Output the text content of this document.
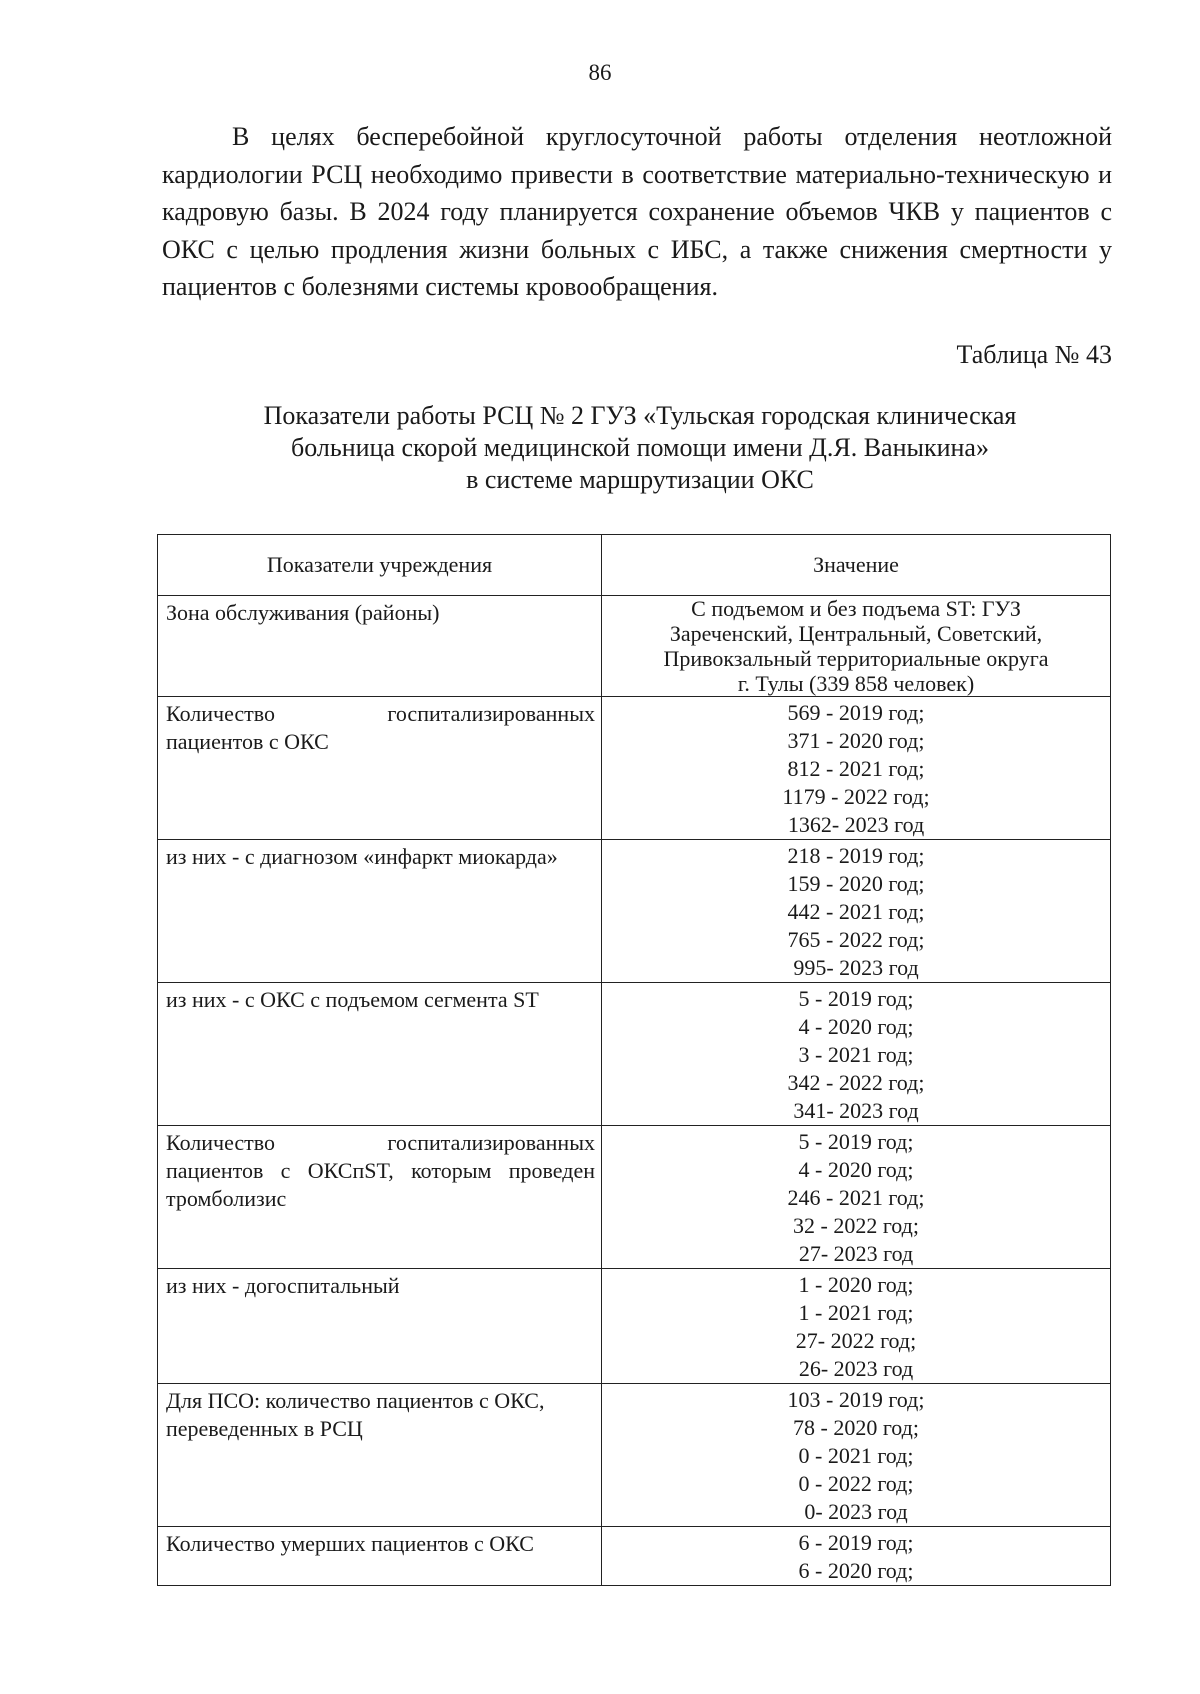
86

В целях бесперебойной круглосуточной работы отделения неотложной кардиологии РСЦ необходимо привести в соответствие материально-техническую и кадровую базы. В 2024 году планируется сохранение объемов ЧКВ у пациентов с ОКС с целью продления жизни больных с ИБС, а также снижения смертности у пациентов с болезнями системы кровообращения.

Таблица № 43
Показатели работы РСЦ № 2 ГУЗ «Тульская городская клиническая
больница скорой медицинской помощи имени Д.Я. Ваныкина»
в системе маршрутизации ОКС
Показатели учреждения	Значение
Зона обслуживания (районы)	С подъемом и без подъема ST: ГУЗ
Зареченский, Центральный, Советский,
Привокзальный территориальные округа
г. Тулы (339 858 человек)

Количество госпитализированных
пациентов с ОКС	569 - 2019 год;
371 - 2020 год;
812 - 2021 год;
1179 - 2022 год;
1362- 2023 год

из них - с диагнозом «инфаркт миокарда»	218 - 2019 год;
159 - 2020 год;
442 - 2021 год;
765 - 2022 год;
995- 2023 год

из них - с ОКС с подъемом сегмента ST	5 - 2019 год;
4 - 2020 год;
3 - 2021 год;
342 - 2022 год;
341- 2023 год

Количество госпитализированных
пациентов с ОКСпST, которым проведен
тромболизис	5 - 2019 год;
4 - 2020 год;
246 - 2021 год;
32 - 2022 год;
27- 2023 год

из них - догоспитальный	1 - 2020 год;
1 - 2021 год;
27- 2022 год;
26- 2023 год

Для ПСО: количество пациентов с ОКС,
переведенных в РСЦ	103 - 2019 год;
78 - 2020 год;
0 - 2021 год;
0 - 2022 год;
0- 2023 год

Количество умерших пациентов с ОКС	6 - 2019 год;
6 - 2020 год;
